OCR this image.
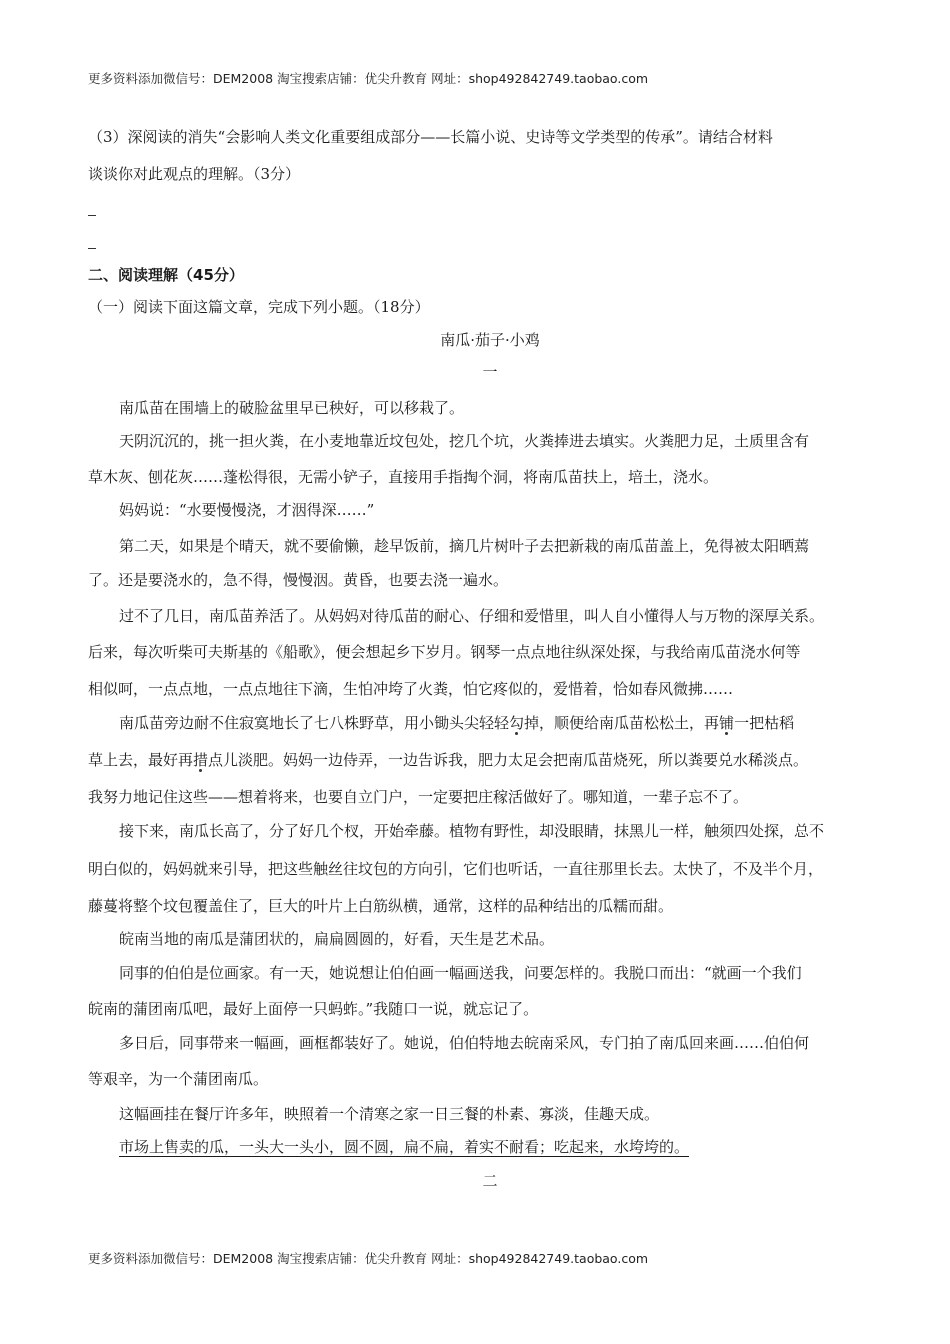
更多资料添加微信号：DEM2008 淘宝搜索店铺：优尖升教育 网址：shop492842749.taobao.com
（3）深阅读的消失“会影响人类文化重要组成部分——长篇小说、史诗等文学类型的传承”。请结合材料
谈谈你对此观点的理解。（3分）
二、阅读理解（45分）
（一）阅读下面这篇文章，完成下列小题。（18分）
南瓜·茄子·小鸡
一
南瓜苗在围墙上的破脸盆里早已秧好，可以移栽了。
天阴沉沉的，挑一担火粪，在小麦地靠近坟包处，挖几个坑，火粪捧进去填实。火粪肥力足，土质里含有
草木灰、刨花灰……蓬松得很，无需小铲子，直接用手指掏个洞，将南瓜苗扶上，培土，浇水。
妈妈说：“水要慢慢浇，才洇得深……”
第二天，如果是个晴天，就不要偷懒，趁早饭前，摘几片树叶子去把新栽的南瓜苗盖上，免得被太阳晒蔫
了。还是要浇水的，急不得，慢慢洇。黄昏，也要去浇一遍水。
过不了几日，南瓜苗养活了。从妈妈对待瓜苗的耐心、仔细和爱惜里，叫人自小懂得人与万物的深厚关系。
后来，每次听柴可夫斯基的《船歌》，便会想起乡下岁月。钢琴一点点地往纵深处探，与我给南瓜苗浇水何等
相似呵，一点点地，一点点地往下滴，生怕冲垮了火粪，怕它疼似的，爱惜着，恰如春风微拂……
南瓜苗旁边耐不住寂寞地长了七八株野草，用小锄头尖轻轻勾掉，顺便给南瓜苗松松土，再铺一把枯稻
草上去，最好再措点儿淡肥。妈妈一边侍弄，一边告诉我，肥力太足会把南瓜苗烧死，所以粪要兑水稀淡点。
我努力地记住这些——想着将来，也要自立门户，一定要把庄稼活做好了。哪知道，一辈子忘不了。
接下来，南瓜长高了，分了好几个杈，开始牵藤。植物有野性，却没眼睛，抹黑儿一样，触须四处探，总不
明白似的，妈妈就来引导，把这些触丝往坟包的方向引，它们也听话，一直往那里长去。太快了，不及半个月，
藤蔓将整个坟包覆盖住了，巨大的叶片上白筋纵横，通常，这样的品种结出的瓜糯而甜。
皖南当地的南瓜是蒲团状的，扁扁圆圆的，好看，天生是艺术品。
同事的伯伯是位画家。有一天，她说想让伯伯画一幅画送我，问要怎样的。我脱口而出：“就画一个我们
皖南的蒲团南瓜吧，最好上面停一只蚂蚱。”我随口一说，就忘记了。
多日后，同事带来一幅画，画框都装好了。她说，伯伯特地去皖南采风，专门拍了南瓜回来画……伯伯何
等艰辛，为一个蒲团南瓜。
这幅画挂在餐厅许多年，映照着一个清寒之家一日三餐的朴素、寡淡，佳趣天成。
市场上售卖的瓜，一头大一头小，圆不圆，扁不扁，着实不耐看；吃起来，水垮垮的。
二
更多资料添加微信号：DEM2008 淘宝搜索店铺：优尖升教育 网址：shop492842749.taobao.com
